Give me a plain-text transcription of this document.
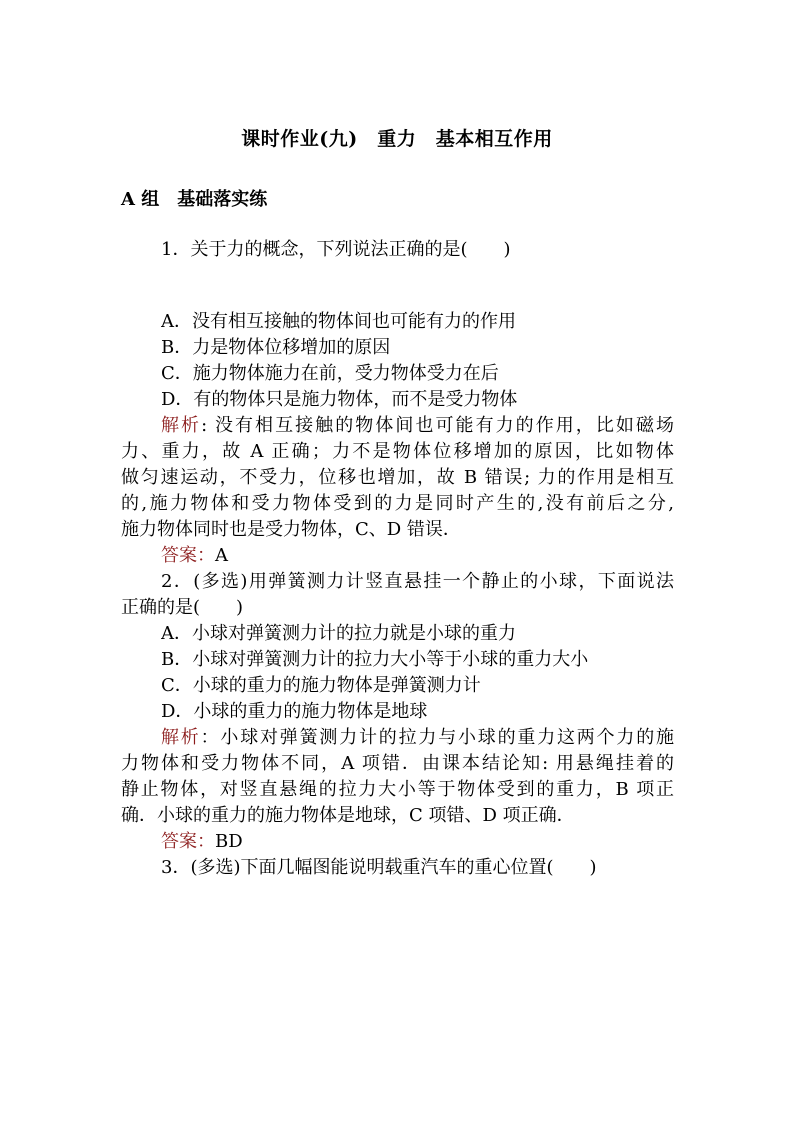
课时作业(九)　重力　基本相互作用
A 组　基础落实练
1．关于力的概念，下列说法正确的是(　　)
A．没有相互接触的物体间也可能有力的作用
B．力是物体位移增加的原因
C．施力物体施力在前，受力物体受力在后
D．有的物体只是施力物体，而不是受力物体
解析: 没有相互接触的物体间也可能有力的作用，比如磁场
力、重力，故 A 正确；力不是物体位移增加的原因，比如物体
做匀速运动，不受力，位移也增加，故 B 错误; 力的作用是相互
的,施力物体和受力物体受到的力是同时产生的,没有前后之分,
施力物体同时也是受力物体，C、D 错误．
答案：A
2．(多选)用弹簧测力计竖直悬挂一个静止的小球，下面说法
正确的是(　　)
A．小球对弹簧测力计的拉力就是小球的重力
B．小球对弹簧测力计的拉力大小等于小球的重力大小
C．小球的重力的施力物体是弹簧测力计
D．小球的重力的施力物体是地球
解析：小球对弹簧测力计的拉力与小球的重力这两个力的施
力物体和受力物体不同，A 项错．由课本结论知: 用悬绳挂着的
静止物体，对竖直悬绳的拉力大小等于物体受到的重力，B 项正
确．小球的重力的施力物体是地球，C 项错、D 项正确．
答案：BD
3．(多选)下面几幅图能说明载重汽车的重心位置(　　)
